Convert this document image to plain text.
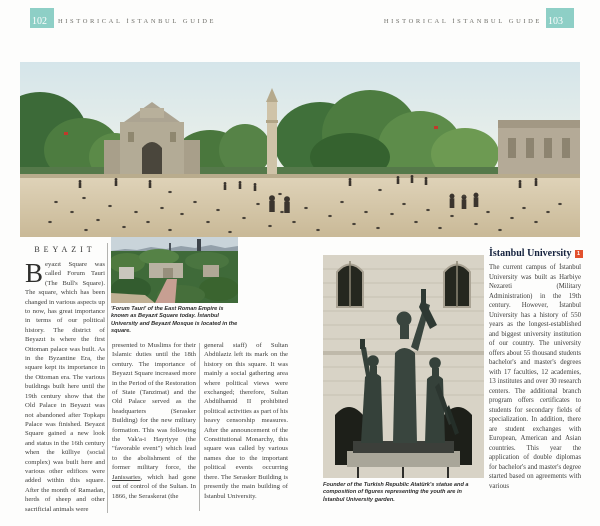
102 HISTORICAL İSTANBUL GUIDE	HISTORICAL İSTANBUL GUIDE 103
BEYAZIT
Beyazıt Square was called Forum Tauri (The Bull's Square). The square, which has been changed in various aspects up to now, has great importance in terms of our political history. The district of Beyazıt is where the first Ottoman palace was built. As in the Byzantine Era, the square kept its importance in the Ottoman era. The various buildings built here until the 19th century show that the Old Palace in Beyazıt was not abandoned after Topkapı Palace was finished. Beyazıt Square gained a new look and status in the 16th century when the külliye (social complex) was built here and various other edifices were added within this square. After the month of Ramadan, herds of sheep and other sacrificial animals were
'Forum Tauri' of the East Roman Empire is known as Beyazıt Square today. İstanbul University and Beyazıt Mosque is located in the square.
presented to Muslims for their Islamic duties until the 18th century. The importance of Beyazıt Square increased more in the Period of the Restoration of State (Tanzimat) and the Old Palace served as the headquarters (Serasker Building) for the new military formation. This was following the Vak'a-i Hayriyye (the "favorable event") which lead to the abolishment of the former military force, the Janissaries, which had gone out of control of the Sultan. In 1866, the Seraskerat (the
general staff) of Sultan Abdülaziz left its mark on the history on this square. It was mainly a social gathering area where political views were exchanged; therefore, Sultan Abdülhamid II prohibited political activities as part of his heavy censorship measures. After the announcement of the Constitutional Monarchy, this square was called by various names due to the important political events occurring there. The Serasker Building is presently the main building of İstanbul University.
Founder of the Turkish Republic Atatürk's statue and a composition of figures representing the youth are in İstanbul University garden.
İstanbul University 1
The current campus of İstanbul University was built as Harbiye Nezareti (Military Administration) in the 19th century. However, İstanbul University has a history of 550 years as the longest-established and biggest university institution of our country. The university offers about 55 thousand students bachelor's and master's degrees with 17 faculties, 12 academies, 13 institutes and over 30 research centers. The additional branch program offers certificates to students for secondary fields of specialization. In addition, there are student exchanges with European, American and Asian countries. This year the application of double diplomas for bachelor's and master's degree started based on agreements with various
